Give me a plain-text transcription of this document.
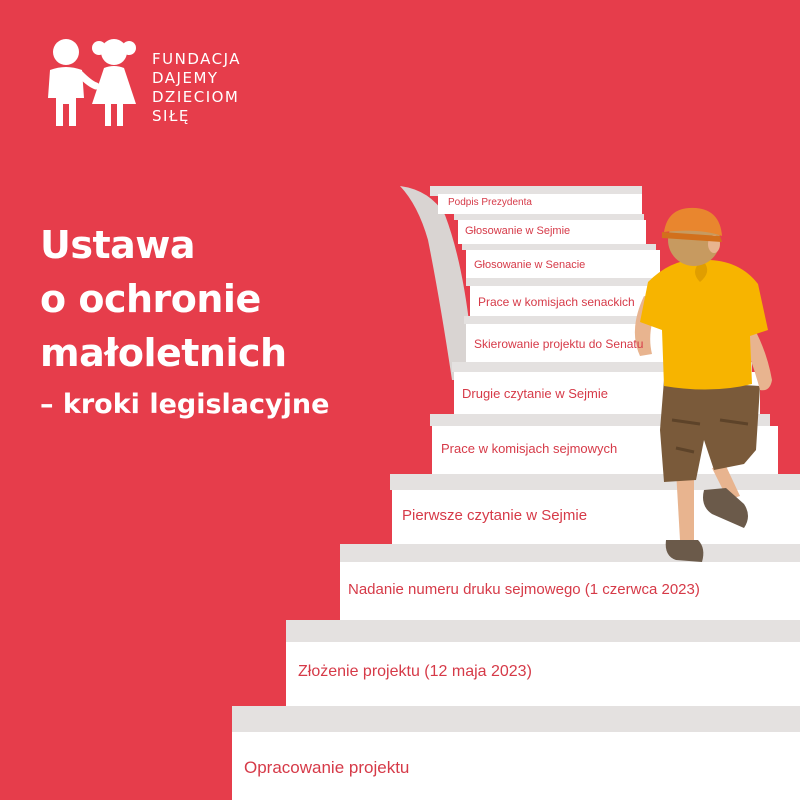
FUNDACJA
DAJEMY
DZIECIOM
SIŁĘ
Ustawa
o ochronie
małoletnich
– kroki legislacyjne
Opracowanie projektu
Złożenie projektu (12 maja 2023)
Nadanie numeru druku sejmowego (1 czerwca 2023)
Pierwsze czytanie w Sejmie
Prace w komisjach sejmowych
Drugie czytanie w Sejmie
Skierowanie projektu do Senatu
Prace w komisjach senackich
Głosowanie w Senacie
Głosowanie w Sejmie
Podpis Prezydenta
